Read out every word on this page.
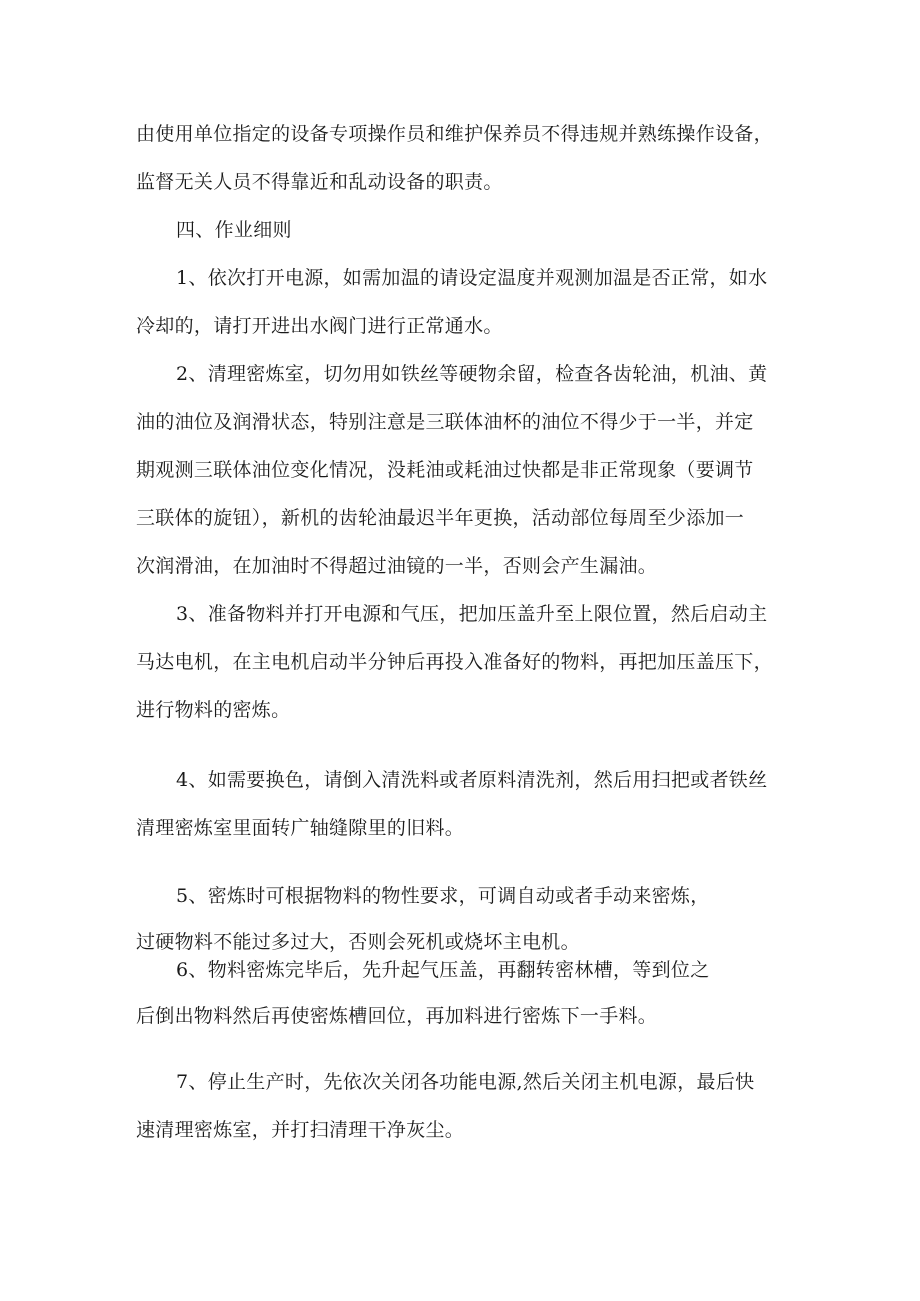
由使用单位指定的设备专项操作员和维护保养员不得违规并熟练操作设备，
监督无关人员不得靠近和乱动设备的职责。
四、作业细则
1、依次打开电源，如需加温的请设定温度并观测加温是否正常，如水
冷却的，请打开进出水阀门进行正常通水。
2、清理密炼室，切勿用如铁丝等硬物余留，检查各齿轮油，机油、黄
油的油位及润滑状态，特别注意是三联体油杯的油位不得少于一半，并定
期观测三联体油位变化情况，没耗油或耗油过快都是非正常现象（要调节
三联体的旋钮），新机的齿轮油最迟半年更换，活动部位每周至少添加一
次润滑油，在加油时不得超过油镜的一半，否则会产生漏油。
3、准备物料并打开电源和气压，把加压盖升至上限位置，然后启动主
马达电机，在主电机启动半分钟后再投入准备好的物料，再把加压盖压下，
进行物料的密炼。
4、如需要换色，请倒入清洗料或者原料清洗剂，然后用扫把或者铁丝
清理密炼室里面转广轴缝隙里的旧料。
5、密炼时可根据物料的物性要求，可调自动或者手动来密炼，
过硬物料不能过多过大，否则会死机或烧坏主电机。
6、物料密炼完毕后，先升起气压盖，再翻转密林槽，等到位之
后倒出物料然后再使密炼槽回位，再加料进行密炼下一手料。
7、停止生产时，先依次关闭各功能电源,然后关闭主机电源，最后快
速清理密炼室，并打扫清理干净灰尘。
